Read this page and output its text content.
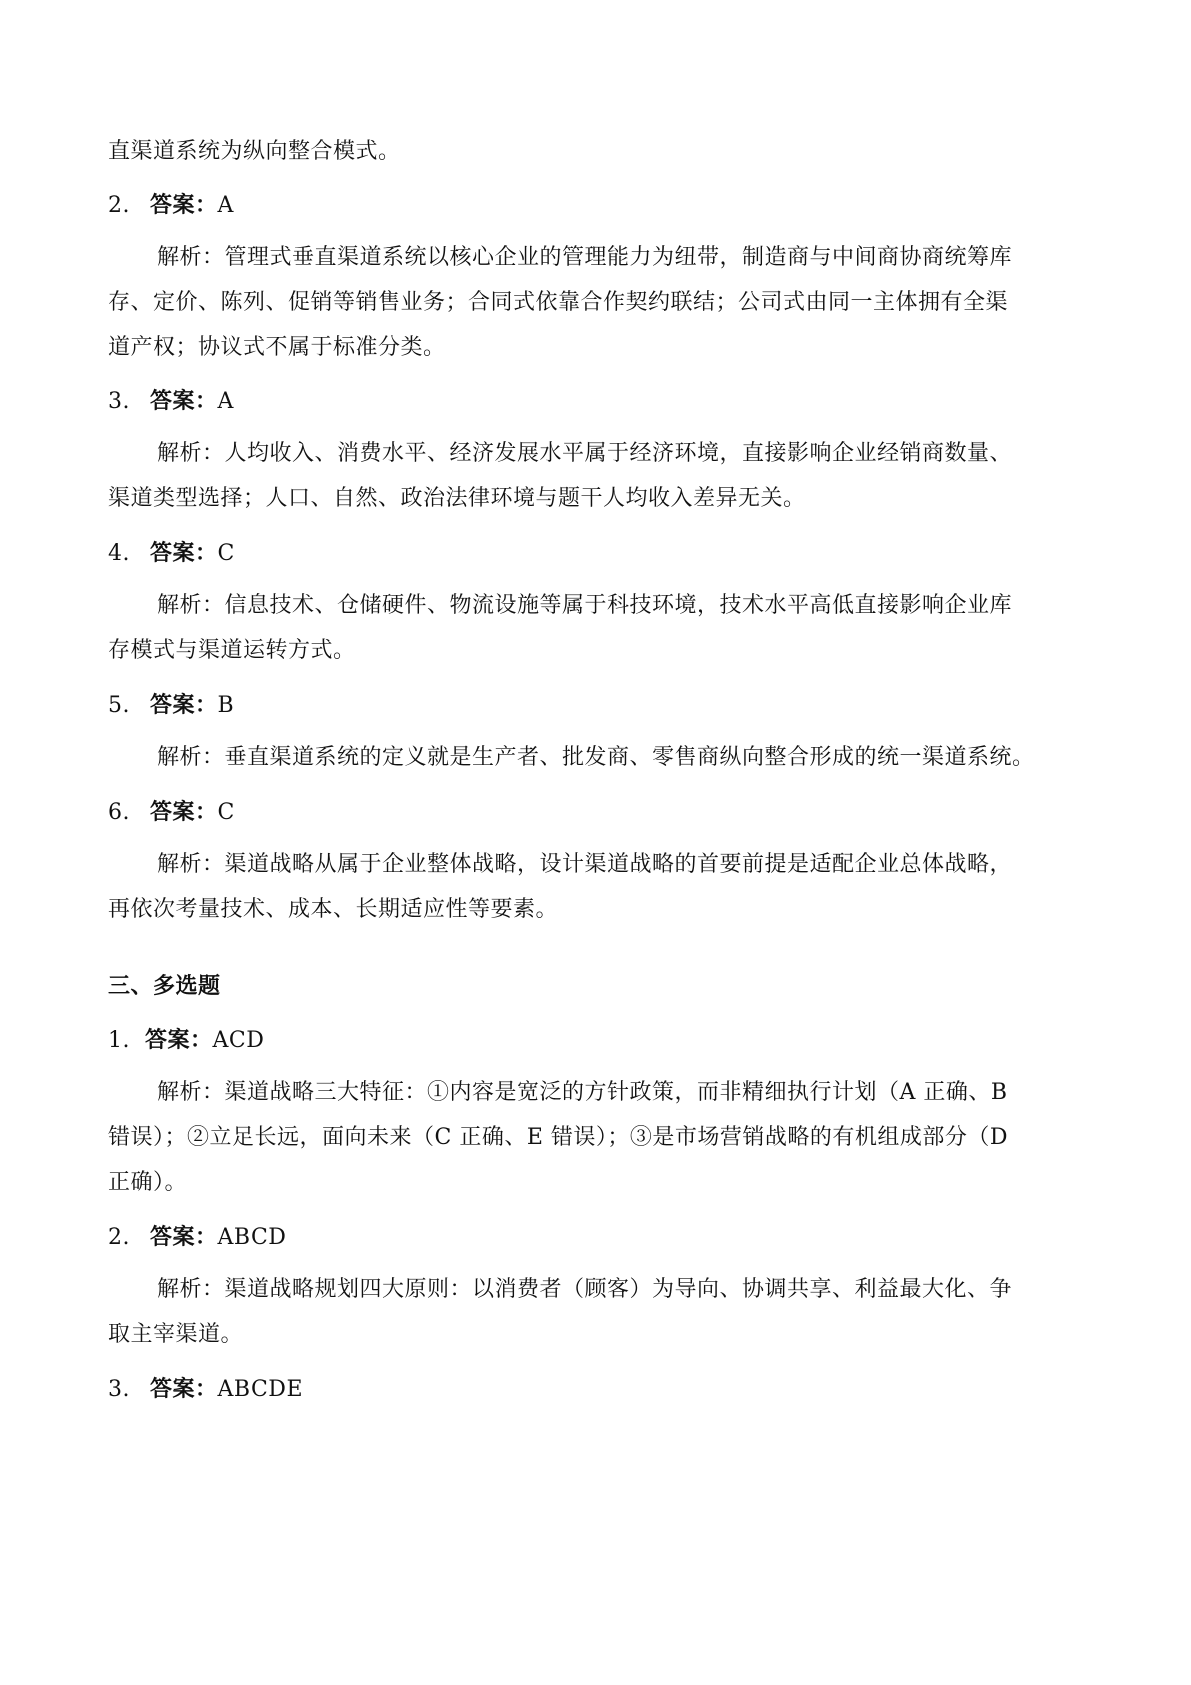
直渠道系统为纵向整合模式。
2. 答案：A
解析：管理式垂直渠道系统以核心企业的管理能力为纽带，制造商与中间商协商统筹库
存、定价、陈列、促销等销售业务；合同式依靠合作契约联结；公司式由同一主体拥有全渠
道产权；协议式不属于标准分类。
3. 答案：A
解析：人均收入、消费水平、经济发展水平属于经济环境，直接影响企业经销商数量、
渠道类型选择；人口、自然、政治法律环境与题干人均收入差异无关。
4. 答案：C
解析：信息技术、仓储硬件、物流设施等属于科技环境，技术水平高低直接影响企业库
存模式与渠道运转方式。
5. 答案：B
解析：垂直渠道系统的定义就是生产者、批发商、零售商纵向整合形成的统一渠道系统。
6. 答案：C
解析：渠道战略从属于企业整体战略，设计渠道战略的首要前提是适配企业总体战略，
再依次考量技术、成本、长期适应性等要素。
三、多选题
1. 答案：ACD
解析：渠道战略三大特征：①内容是宽泛的方针政策，而非精细执行计划（A 正确、B
错误）；②立足长远，面向未来（C 正确、E 错误）；③是市场营销战略的有机组成部分（D
正确）。
2. 答案：ABCD
解析：渠道战略规划四大原则：以消费者（顾客）为导向、协调共享、利益最大化、争
取主宰渠道。
3. 答案：ABCDE
